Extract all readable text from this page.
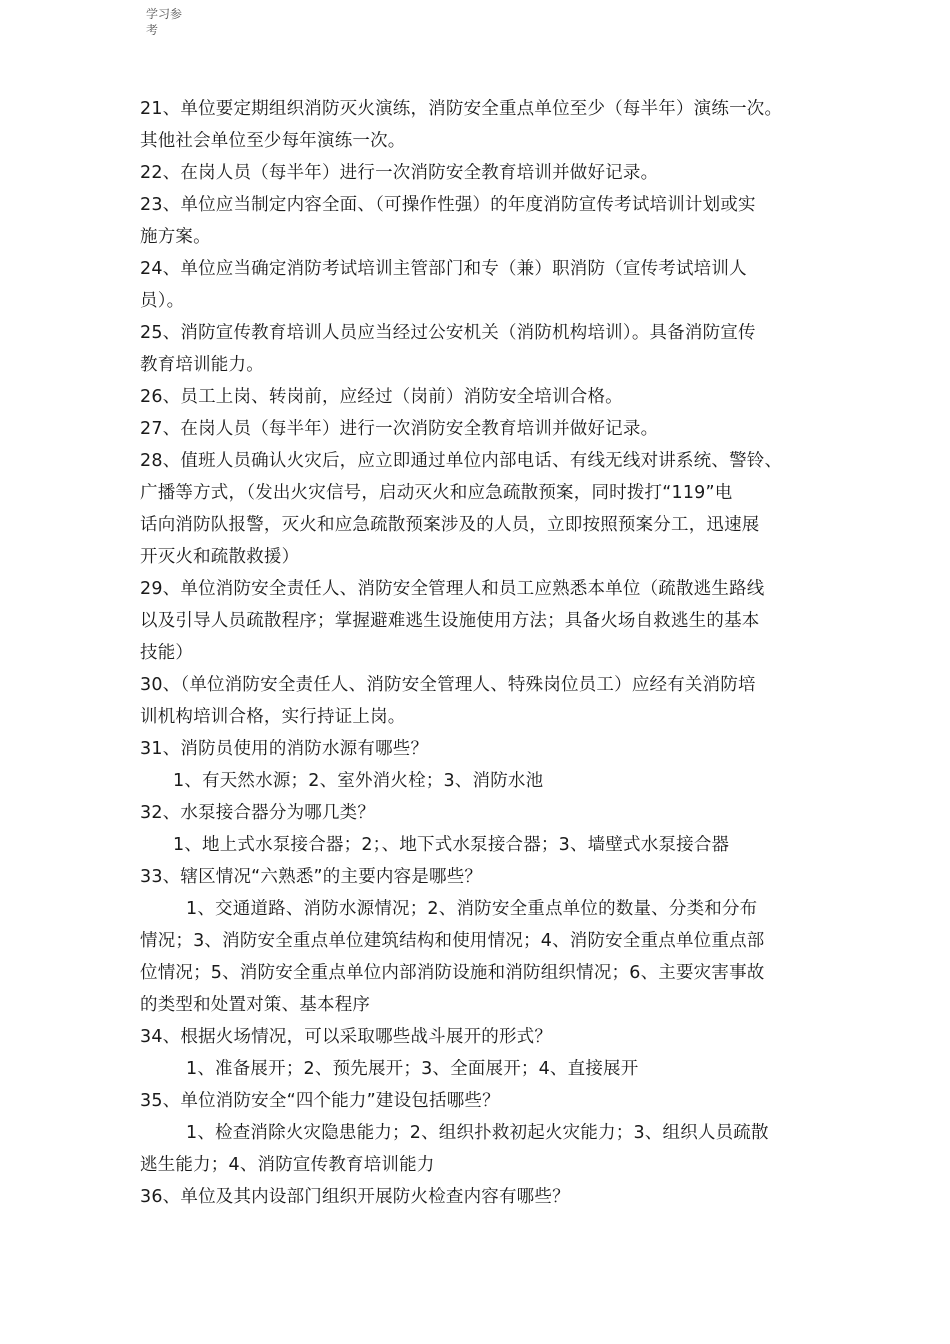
学习参
考
21、单位要定期组织消防灭火演练，消防安全重点单位至少（每半年）演练一次。
其他社会单位至少每年演练一次。
22、在岗人员（每半年）进行一次消防安全教育培训并做好记录。
23、单位应当制定内容全面、（可操作性强）的年度消防宣传考试培训计划或实
施方案。
24、单位应当确定消防考试培训主管部门和专（兼）职消防（宣传考试培训人
员）。
25、消防宣传教育培训人员应当经过公安机关（消防机构培训）。具备消防宣传
教育培训能力。
26、员工上岗、转岗前，应经过（岗前）消防安全培训合格。
27、在岗人员（每半年）进行一次消防安全教育培训并做好记录。
28、值班人员确认火灾后，应立即通过单位内部电话、有线无线对讲系统、警铃、
广播等方式，（发出火灾信号，启动灭火和应急疏散预案，同时拨打“119”电
话向消防队报警，灭火和应急疏散预案涉及的人员，立即按照预案分工，迅速展
开灭火和疏散救援）
29、单位消防安全责任人、消防安全管理人和员工应熟悉本单位（疏散逃生路线
以及引导人员疏散程序；掌握避难逃生设施使用方法；具备火场自救逃生的基本
技能）
30、（单位消防安全责任人、消防安全管理人、特殊岗位员工）应经有关消防培
训机构培训合格，实行持证上岗。
31、消防员使用的消防水源有哪些？
1、有天然水源；2、室外消火栓；3、消防水池
32、水泵接合器分为哪几类？
1、地上式水泵接合器；2；、地下式水泵接合器；3、墙壁式水泵接合器
33、辖区情况“六熟悉”的主要内容是哪些？
1、交通道路、消防水源情况；2、消防安全重点单位的数量、分类和分布
情况；3、消防安全重点单位建筑结构和使用情况；4、消防安全重点单位重点部
位情况；5、消防安全重点单位内部消防设施和消防组织情况；6、主要灾害事故
的类型和处置对策、基本程序
34、根据火场情况，可以采取哪些战斗展开的形式？
1、准备展开；2、预先展开；3、全面展开；4、直接展开
35、单位消防安全“四个能力”建设包括哪些？
1、检查消除火灾隐患能力；2、组织扑救初起火灾能力；3、组织人员疏散
逃生能力；4、消防宣传教育培训能力
36、单位及其内设部门组织开展防火检查内容有哪些？
